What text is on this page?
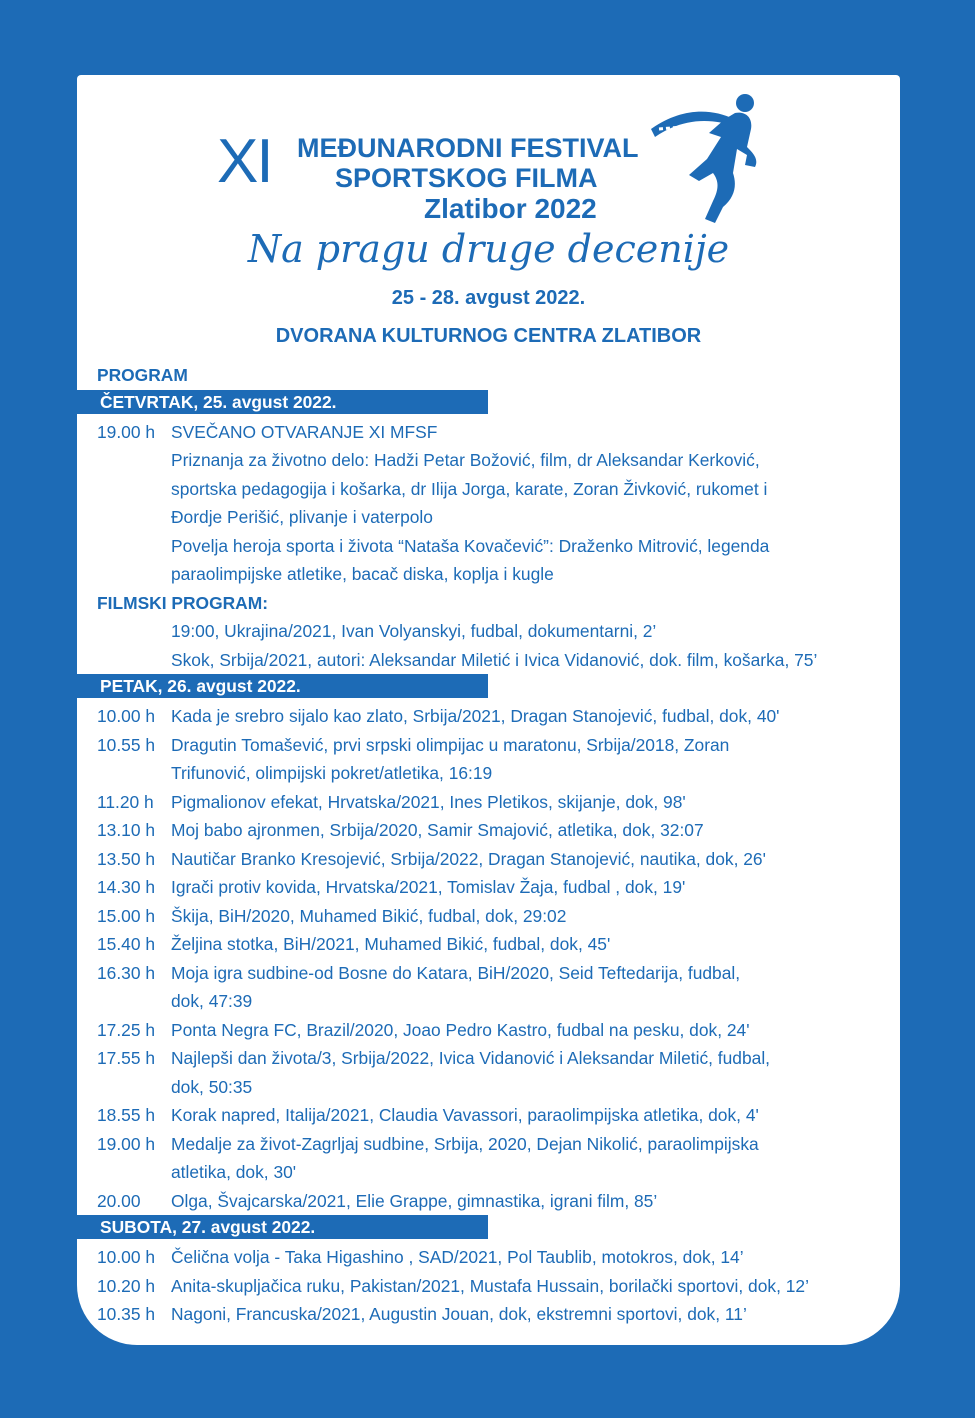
XI MEĐUNARODNI FESTIVAL
SPORTSKOG FILMA
Zlatibor 2022
Na pragu druge decenije
25 - 28. avgust 2022.
DVORANA KULTURNOG CENTRA ZLATIBOR
PROGRAM
ČETVRTAK, 25. avgust 2022.
19.00 h SVEČANO OTVARANJE XI MFSF
Priznanja za životno delo: Hadži Petar Božović, film, dr Aleksandar Kerković,
sportska pedagogija i košarka, dr Ilija Jorga, karate, Zoran Živković, rukomet i
Đordje Perišić, plivanje i vaterpolo
Povelja heroja sporta i života “Nataša Kovačević”: Draženko Mitrović, legenda
paraolimpijske atletike, bacač diska, koplja i kugle
FILMSKI PROGRAM:
19:00, Ukrajina/2021, Ivan Volyanskyi, fudbal, dokumentarni, 2’
Skok, Srbija/2021, autori: Aleksandar Miletić i Ivica Vidanović, dok. film, košarka, 75’
PETAK, 26. avgust 2022.
10.00 h Kada je srebro sijalo kao zlato, Srbija/2021, Dragan Stanojević, fudbal, dok, 40'
10.55 h Dragutin Tomašević, prvi srpski olimpijac u maratonu, Srbija/2018, Zoran
Trifunović, olimpijski pokret/atletika, 16:19
11.20 h Pigmalionov efekat, Hrvatska/2021, Ines Pletikos, skijanje, dok, 98'
13.10 h Moj babo ajronmen, Srbija/2020, Samir Smajović, atletika, dok, 32:07
13.50 h Nautičar Branko Kresojević, Srbija/2022, Dragan Stanojević, nautika, dok, 26'
14.30 h Igrači protiv kovida, Hrvatska/2021, Tomislav Žaja, fudbal , dok, 19'
15.00 h Škija, BiH/2020, Muhamed Bikić, fudbal, dok, 29:02
15.40 h Željina stotka, BiH/2021, Muhamed Bikić, fudbal, dok, 45'
16.30 h Moja igra sudbine-od Bosne do Katara, BiH/2020, Seid Teftedarija, fudbal,
dok, 47:39
17.25 h Ponta Negra FC, Brazil/2020, Joao Pedro Kastro, fudbal na pesku, dok, 24'
17.55 h Najlepši dan života/3, Srbija/2022, Ivica Vidanović i Aleksandar Miletić, fudbal,
dok, 50:35
18.55 h Korak napred, Italija/2021, Claudia Vavassori, paraolimpijska atletika, dok, 4'
19.00 h Medalje za život-Zagrljaj sudbine, Srbija, 2020, Dejan Nikolić, paraolimpijska
atletika, dok, 30'
20.00	Olga, Švajcarska/2021, Elie Grappe, gimnastika, igrani film, 85’
SUBOTA, 27. avgust 2022.
10.00 h Čelična volja - Taka Higashino , SAD/2021, Pol Taublib, motokros, dok, 14’
10.20 h Anita-skupljačica ruku, Pakistan/2021, Mustafa Hussain, borilački sportovi, dok, 12’
10.35 h Nagoni, Francuska/2021, Augustin Jouan, dok, ekstremni sportovi, dok, 11’
